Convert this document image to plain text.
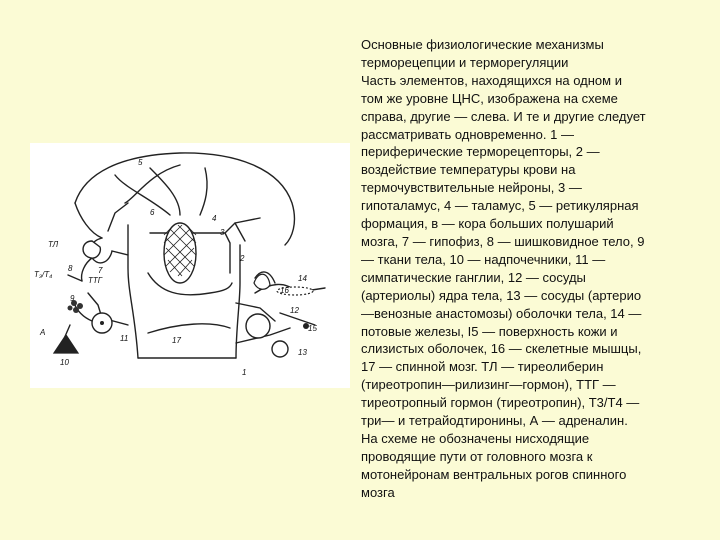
5
6
4
3
2
1
ТЛ
ТТГ
7
8
Т₃/Т₄
9
А
10
11	17
16
14
12
15
13
Основные физиологические механизмы
терморецепции и терморегуляции
Часть элементов, находящихся на одном и
том же уровне ЦНС, изображена на схеме
справа, другие — слева. И те и другие следует
рассматривать одновременно. 1 —
периферические терморецепторы, 2 —
воздействие температуры крови на
термочувствительные нейроны, 3 —
гипоталамус, 4 — таламус, 5 — ретикулярная
формация, в — кора больших полушарий
мозга, 7 — гипофиз, 8 — шишковидное тело, 9
— ткани тела, 10 — надпочечники, 11 —
симпатические ганглии, 12 — сосуды
(артериолы) ядра тела, 13 — сосуды (артерио
—венозные анастомозы) оболочки тела, 14 —
потовые железы, I5 — поверхность кожи и
слизистых оболочек, 16 — скелетные мышцы,
17 — спинной мозг. ТЛ — тиреолиберин
(тиреотропин—рилизинг—гормон), ТТГ —
тиреотропный гормон (тиреотропин), Т3/Т4 —
три— и тетрайодтиронины, А — адреналин.
На схеме не обозначены нисходящие
проводящие пути от головного мозга к
мотонейронам вентральных рогов спинного
мозга
